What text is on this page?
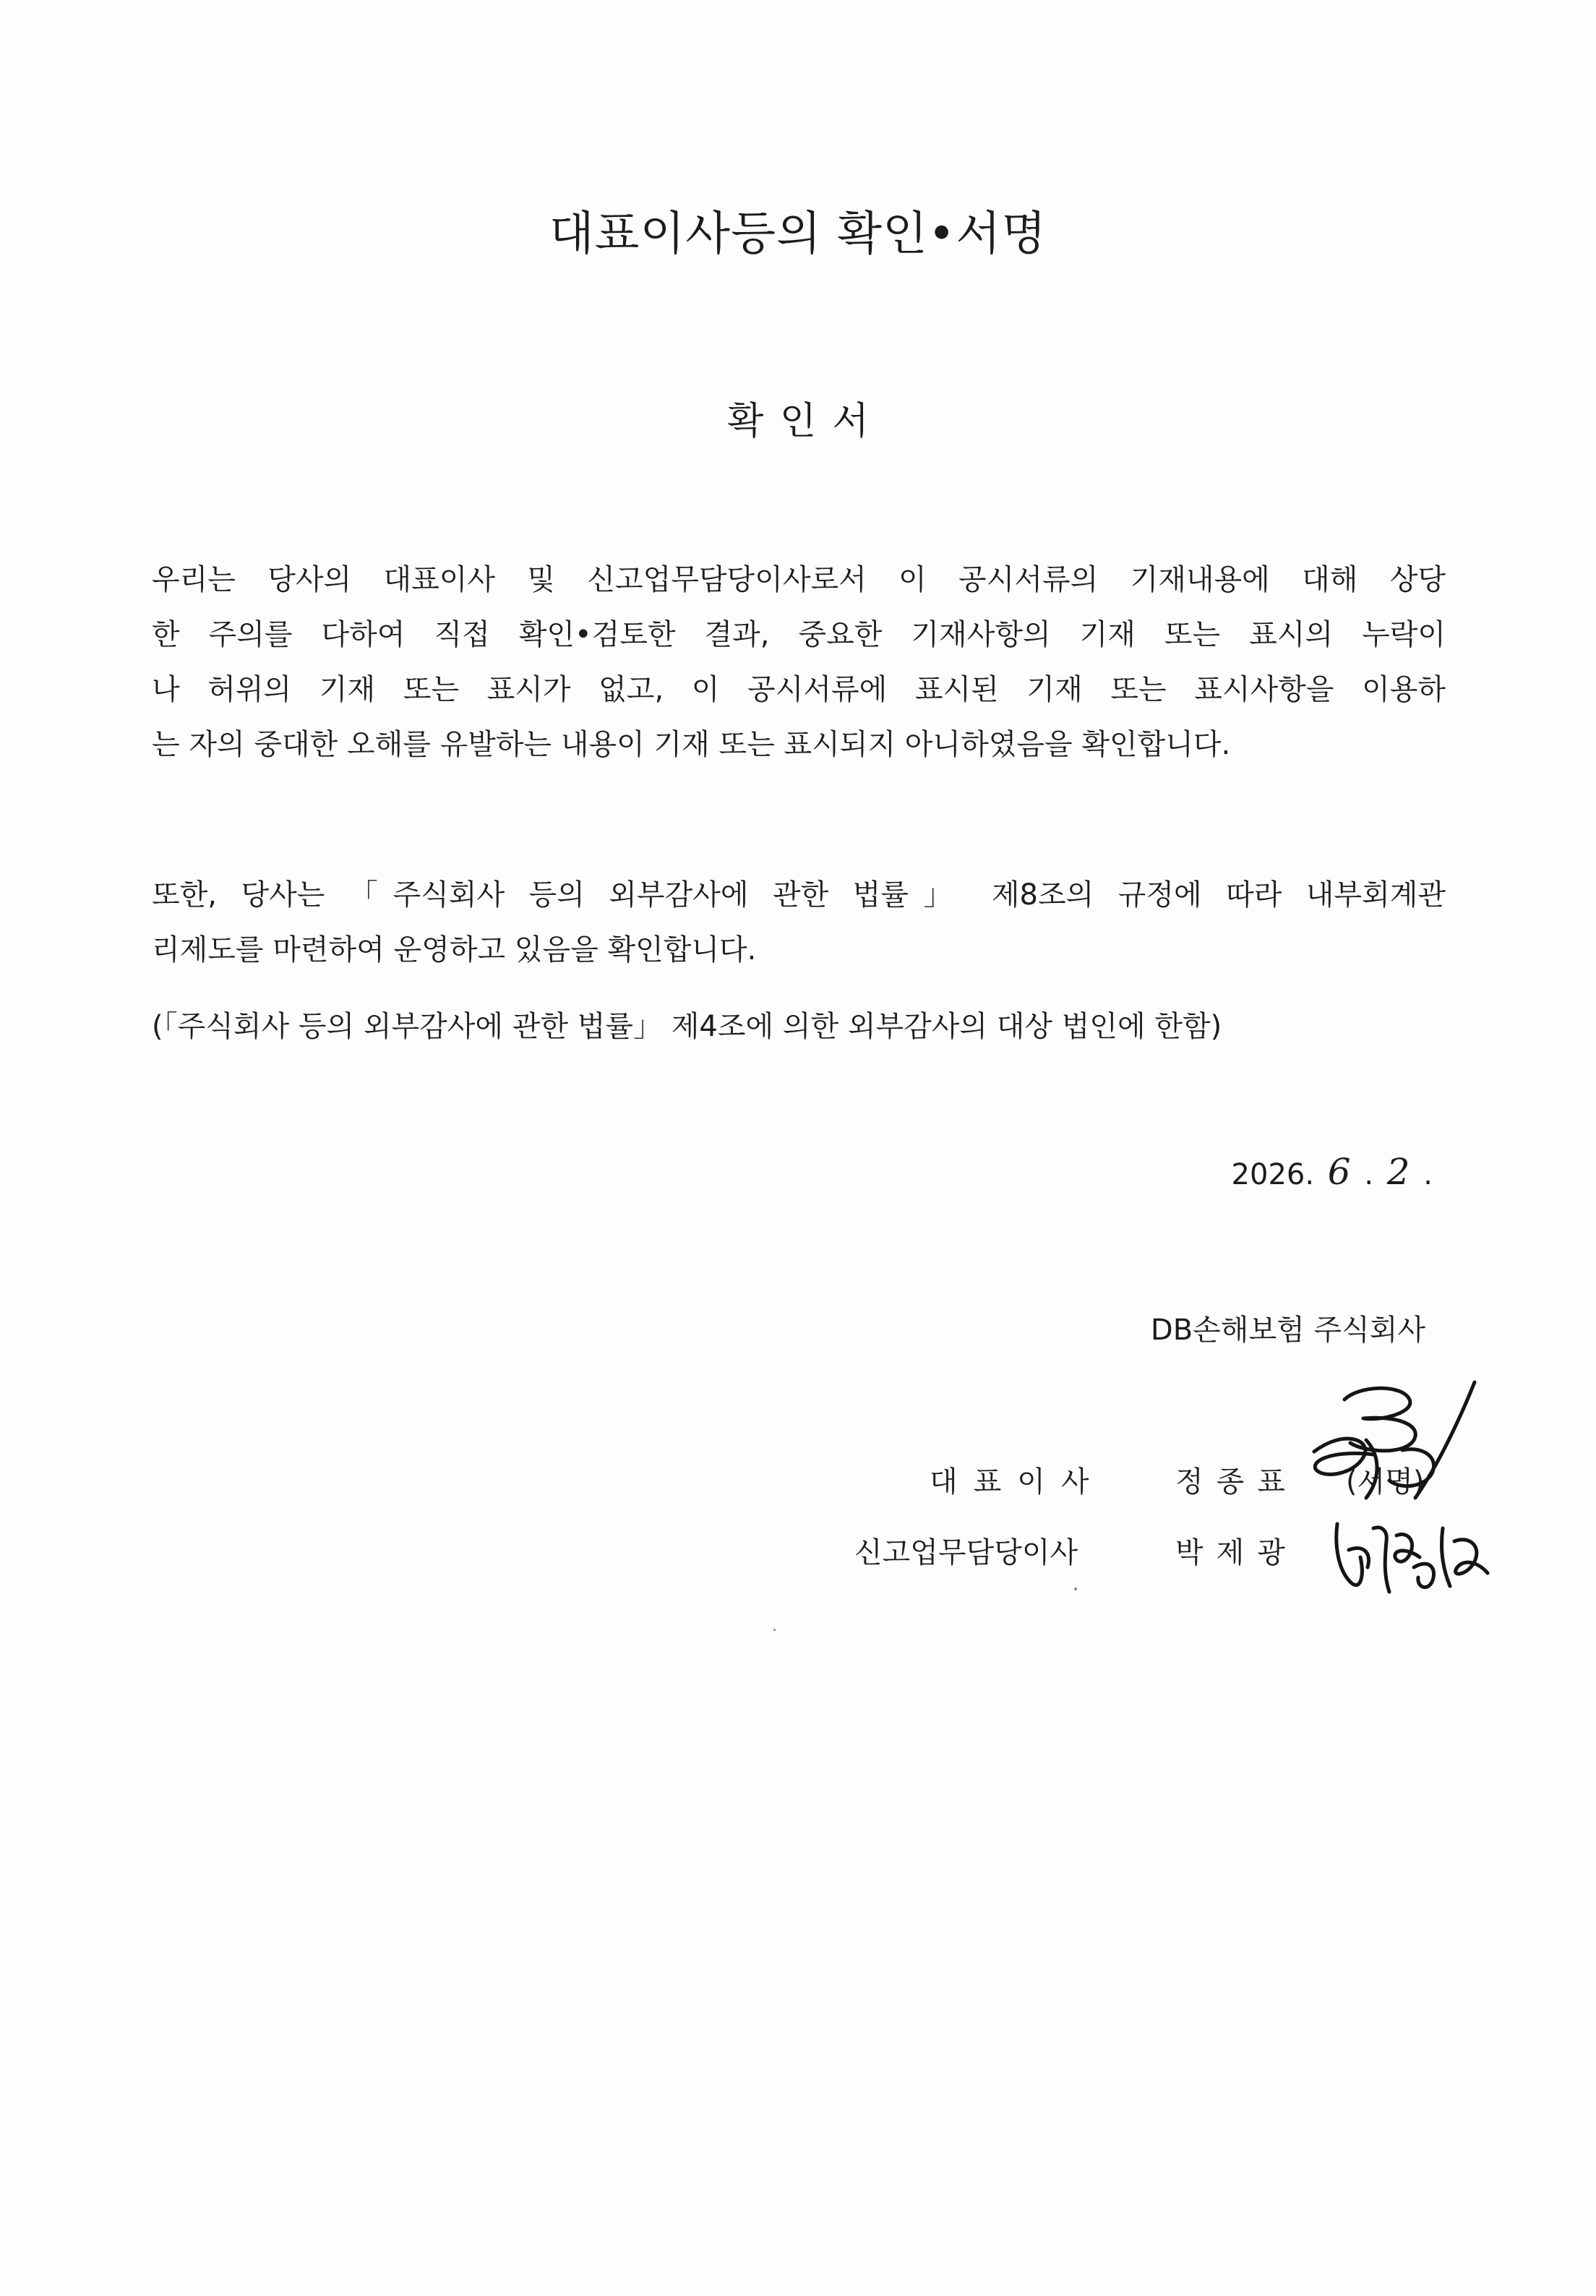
대표이사등의 확인•서명
확 인 서
우리는 당사의 대표이사 및 신고업무담당이사로서 이 공시서류의 기재내용에 대해 상당
한 주의를 다하여 직접 확인•검토한 결과, 중요한 기재사항의 기재 또는 표시의 누락이
나 허위의 기재 또는 표시가 없고, 이 공시서류에 표시된 기재 또는 표시사항을 이용하
는 자의 중대한 오해를 유발하는 내용이 기재 또는 표시되지 아니하였음을 확인합니다.
또한, 당사는 「주식회사 등의 외부감사에 관한 법률」 제8조의 규정에 따라 내부회계관
리제도를 마련하여 운영하고 있음을 확인합니다.
(「주식회사 등의 외부감사에 관한 법률」 제4조에 의한 외부감사의 대상 법인에 한함)
2026. 6 . 2 .
DB손해보험 주식회사
대표이사 정종표 (서명)
신고업무담당이사	박제광
